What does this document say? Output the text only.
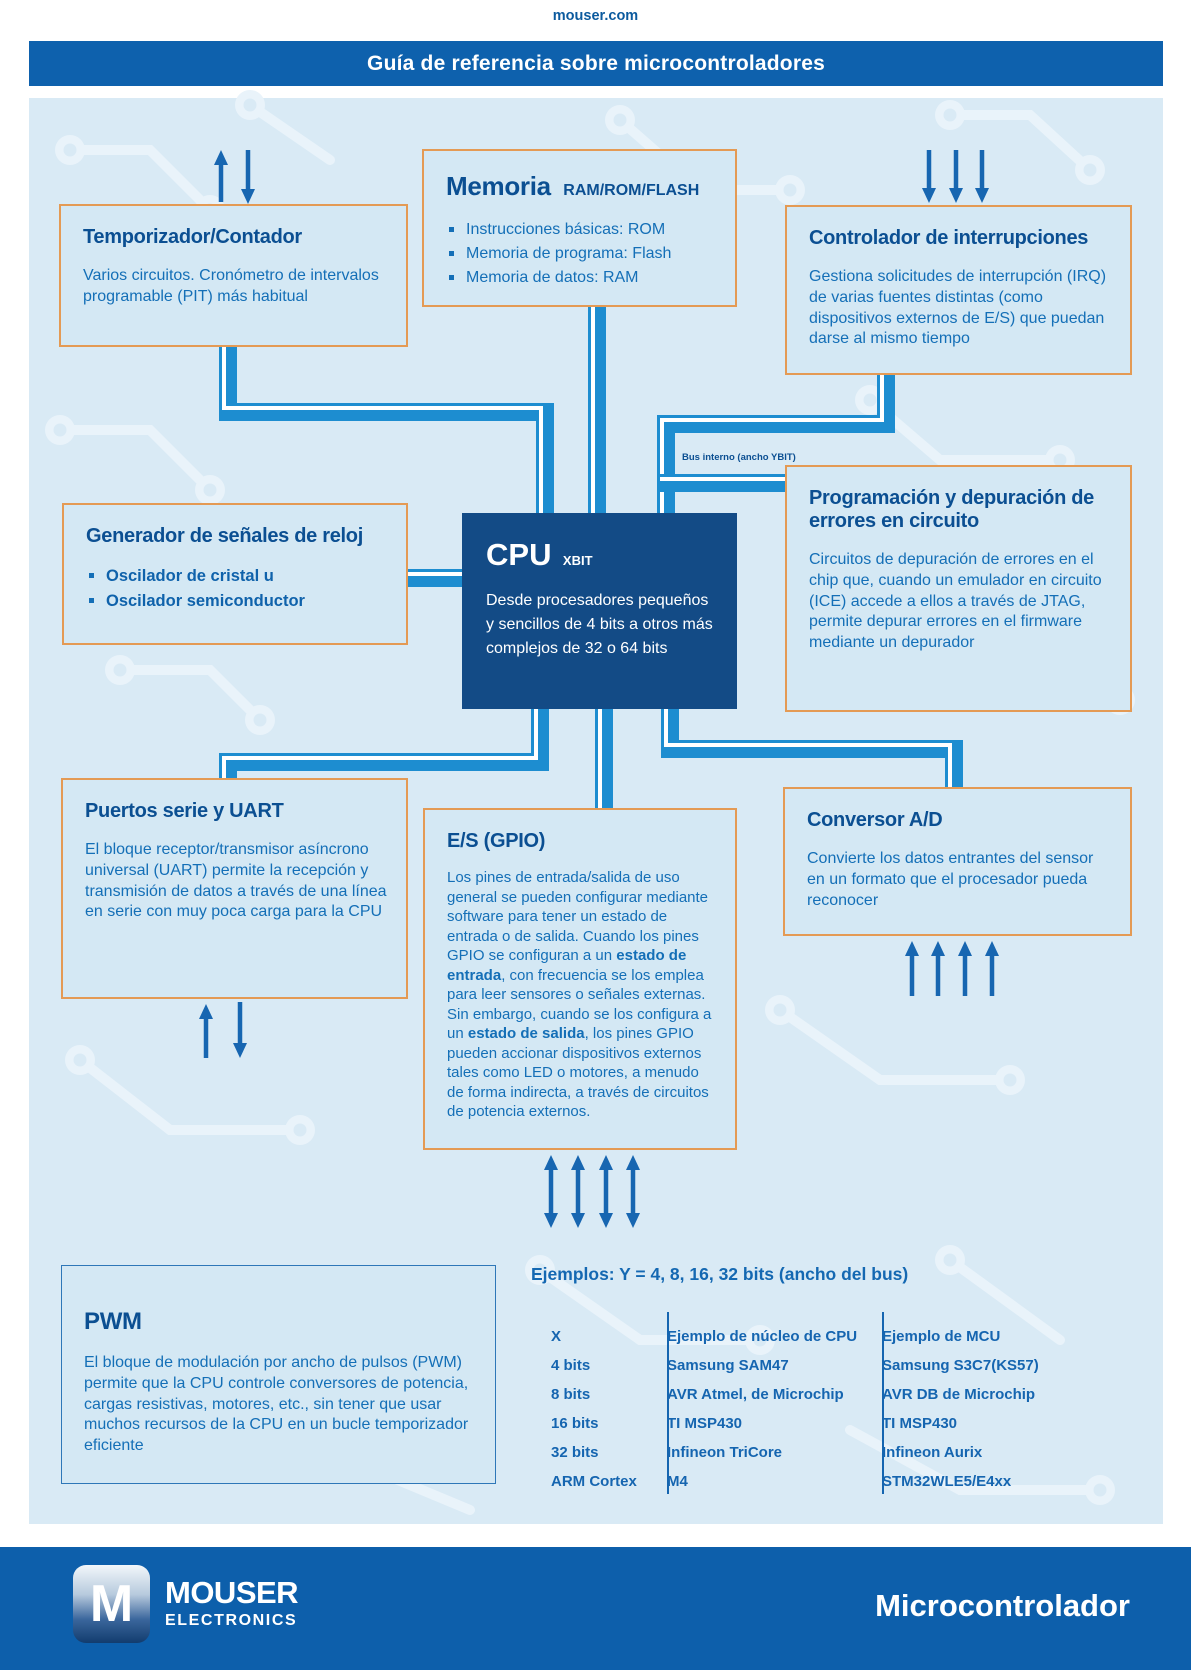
mouser.com
Guía de referencia sobre microcontroladores
Bus interno (ancho YBIT)
Temporizador/Contador
Varios circuitos. Cronómetro de intervalos programable (PIT) más habitual
Memoria RAM/ROM/FLASH
Instrucciones básicas: ROM
Memoria de programa: Flash
Memoria de datos: RAM
Controlador de interrupciones
Gestiona solicitudes de interrupción (IRQ) de varias fuentes distintas (como dispositivos externos de E/S) que puedan darse al mismo tiempo
Generador de señales de reloj
Oscilador de cristal u
Oscilador semiconductor
CPU XBIT
Desde procesadores pequeños y sencillos de 4 bits a otros más complejos de 32 o 64 bits
Programación y depuración de errores en circuito
Circuitos de depuración de errores en el chip que, cuando un emulador en circuito (ICE) accede a ellos a través de JTAG, permite depurar errores en el firmware mediante un depurador
Puertos serie y UART
El bloque receptor/transmisor asíncrono universal (UART) permite la recepción y transmisión de datos a través de una línea en serie con muy poca carga para la CPU
E/S (GPIO)
Los pines de entrada/salida de uso general se pueden configurar mediante software para tener un estado de entrada o de salida. Cuando los pines GPIO se configuran a un estado de entrada, con frecuencia se los emplea para leer sensores o señales externas. Sin embargo, cuando se los configura a un estado de salida, los pines GPIO pueden accionar dispositivos externos tales como LED o motores, a menudo de forma indirecta, a través de circuitos de potencia externos.
Conversor A/D
Convierte los datos entrantes del sensor en un formato que el procesador pueda reconocer
PWM
El bloque de modulación por ancho de pulsos (PWM) permite que la CPU controle conversores de potencia, cargas resistivas, motores, etc., sin tener que usar muchos recursos de la CPU en un bucle temporizador eficiente
Ejemplos: Y = 4, 8, 16, 32 bits (ancho del bus)
X	Ejemplo de núcleo de CPU	Ejemplo de MCU
4 bits	Samsung SAM47	Samsung S3C7(KS57)
8 bits	AVR Atmel, de Microchip	AVR DB de Microchip
16 bits	TI MSP430	TI MSP430
32 bits	Infineon TriCore	Infineon Aurix
ARM Cortex	M4	STM32WLE5/E4xx
M MOUSER
ELECTRONICS	Microcontrolador
